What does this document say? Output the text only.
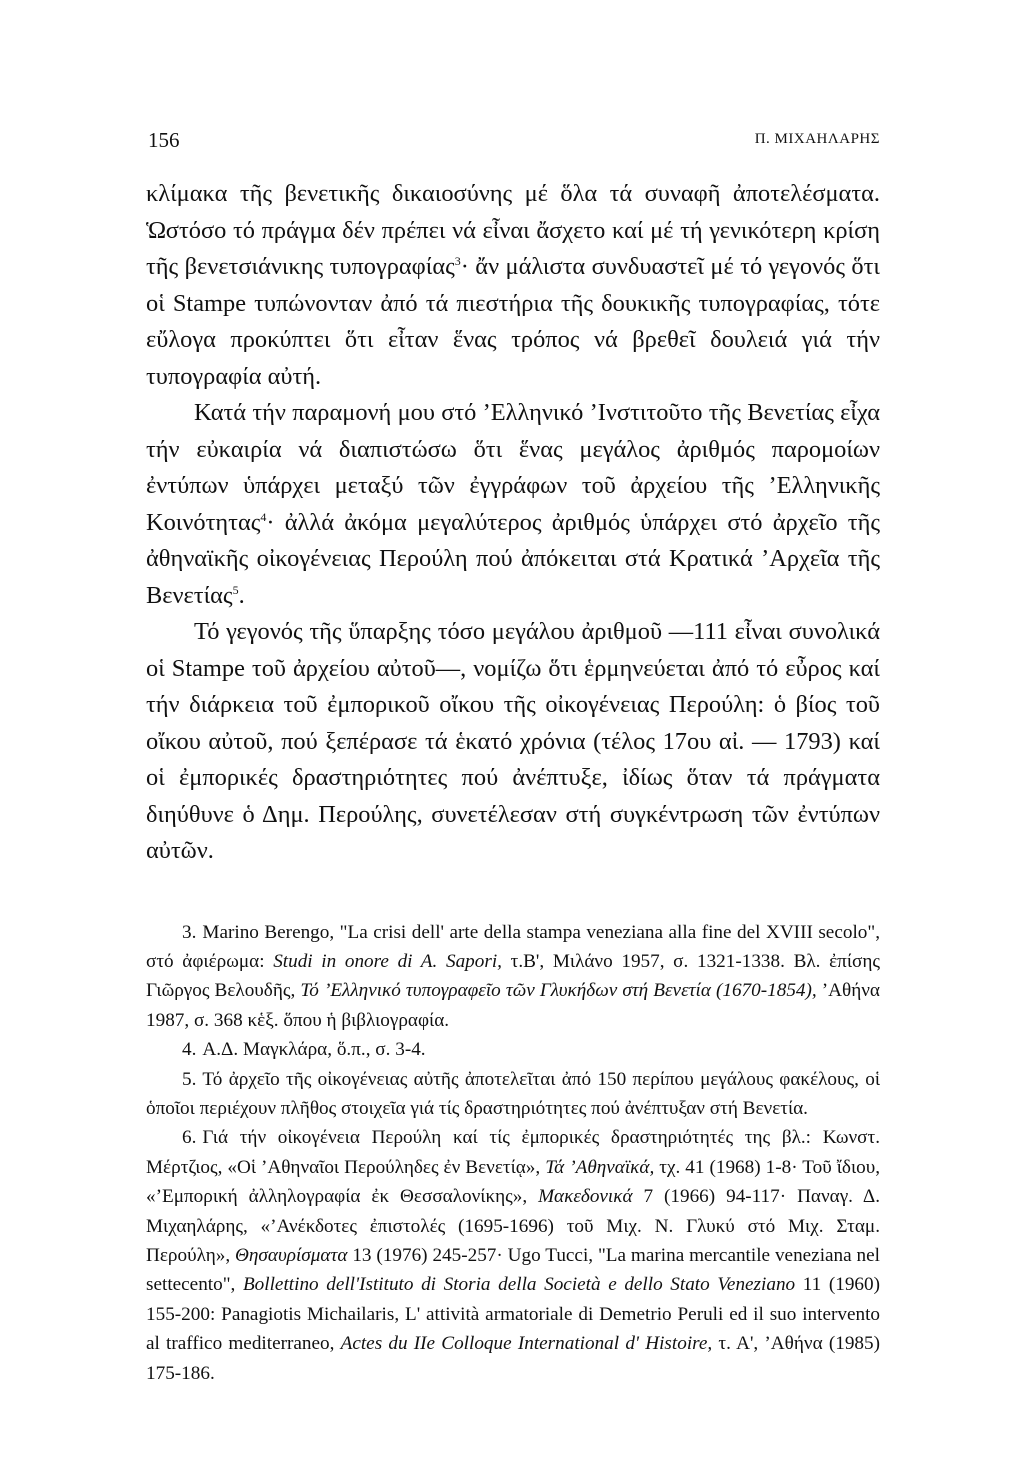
156	Π. ΜΙΧΑΗΛΑΡΗΣ

κλίμακα τῆς βενετικῆς δικαιοσύνης μέ ὅλα τά συναφῆ ἀποτελέσματα. Ὡστόσο τό πράγμα δέν πρέπει νά εἶναι ἄσχετο καί μέ τή γενικότερη κρίση τῆς βενετσιάνικης τυπογραφίας$^3$· ἄν μάλιστα συνδυαστεῖ μέ τό γεγονός ὅτι οἱ Stampe τυπώνονταν ἀπό τά πιεστήρια τῆς δουκικῆς τυπογραφίας, τότε εὔλογα προκύπτει ὅτι εἶταν ἕνας τρόπος νά βρεθεῖ δουλειά γιά τήν τυπογραφία αὐτή.

Κατά τήν παραμονή μου στό ʼΕλληνικό ʼΙνστιτοῦτο τῆς Βενετίας εἶχα τήν εὐκαιρία νά διαπιστώσω ὅτι ἕνας μεγάλος ἀριθμός παρομοίων ἐντύπων ὑπάρχει μεταξύ τῶν ἐγγράφων τοῦ ἀρχείου τῆς ʼΕλληνικῆς Κοινότητας$^4$· ἀλλά ἀκόμα μεγαλύτερος ἀριθμός ὑπάρχει στό ἀρχεῖο τῆς ἀθηναϊκῆς οἰκογένειας Περούλη πού ἀπόκειται στά Κρατικά ʼΑρχεῖα τῆς Βενετίας$^5$.

Τό γεγονός τῆς ὕπαρξης τόσο μεγάλου ἀριθμοῦ —111 εἶναι συνολικά οἱ Stampe τοῦ ἀρχείου αὐτοῦ—, νομίζω ὅτι ἑρμηνεύεται ἀπό τό εὖρος καί τήν διάρκεια τοῦ ἐμπορικοῦ οἴκου τῆς οἰκογένειας Περούλη: ὁ βίος τοῦ οἴκου αὐτοῦ, πού ξεπέρασε τά ἑκατό χρόνια (τέλος 17ου αἰ. — 1793) καί οἱ ἐμπορικές δραστηριότητες πού ἀνέπτυξε, ἰδίως ὅταν τά πράγματα διηύθυνε ὁ Δημ. Περούλης, συνετέλεσαν στή συγκέντρωση τῶν ἐντύπων αὐτῶν.

3. Marino Berengo, "La crisi dell' arte della stampa veneziana alla fine del XVIII secolo", στό ἀφιέρωμα: Studi in onore di A. Sapori, τ.Β', Μιλάνο 1957, σ. 1321-1338. Βλ. ἐπίσης Γιῶργος Βελουδῆς, Τό ʼΕλληνικό τυπογραφεῖο τῶν Γλυκήδων στή Βενετία (1670-1854), ʼΑθήνα 1987, σ. 368 κἑξ. ὅπου ἡ βιβλιογραφία.

4. Α.Δ. Μαγκλάρα, ὅ.π., σ. 3-4.

5. Τό ἀρχεῖο τῆς οἰκογένειας αὐτῆς ἀποτελεῖται ἀπό 150 περίπου μεγάλους φακέλους, οἱ ὁποῖοι περιέχουν πλῆθος στοιχεῖα γιά τίς δραστηριότητες πού ἀνέπτυξαν στή Βενετία.

6. Γιά τήν οἰκογένεια Περούλη καί τίς ἐμπορικές δραστηριότητές της βλ.: Κωνστ. Μέρτζιος, «Οἱ ʼΑθηναῖοι Περούληδες ἐν Βενετίᾳ», Τά ʼΑθηναϊκά, τχ. 41 (1968) 1-8· Τοῦ ἴδιου, «ʼΕμπορική ἀλληλογραφία ἐκ Θεσσαλονίκης», Μακεδονικά 7 (1966) 94-117· Παναγ. Δ. Μιχαηλάρης, «ʼΑνέκδοτες ἐπιστολές (1695-1696) τοῦ Μιχ. Ν. Γλυκύ στό Μιχ. Σταμ. Περούλη», Θησαυρίσματα 13 (1976) 245-257· Ugo Tucci, "La marina mercantile veneziana nel settecento", Bollettino dell'Istituto di Storia della Società e dello Stato Veneziano 11 (1960) 155-200: Panagiotis Michailaris, L' attività armatoriale di Demetrio Peruli ed il suo intervento al traffico mediterraneo, Actes du IIe Colloque International d' Histoire, τ. Α', ʼΑθήνα (1985) 175-186.
